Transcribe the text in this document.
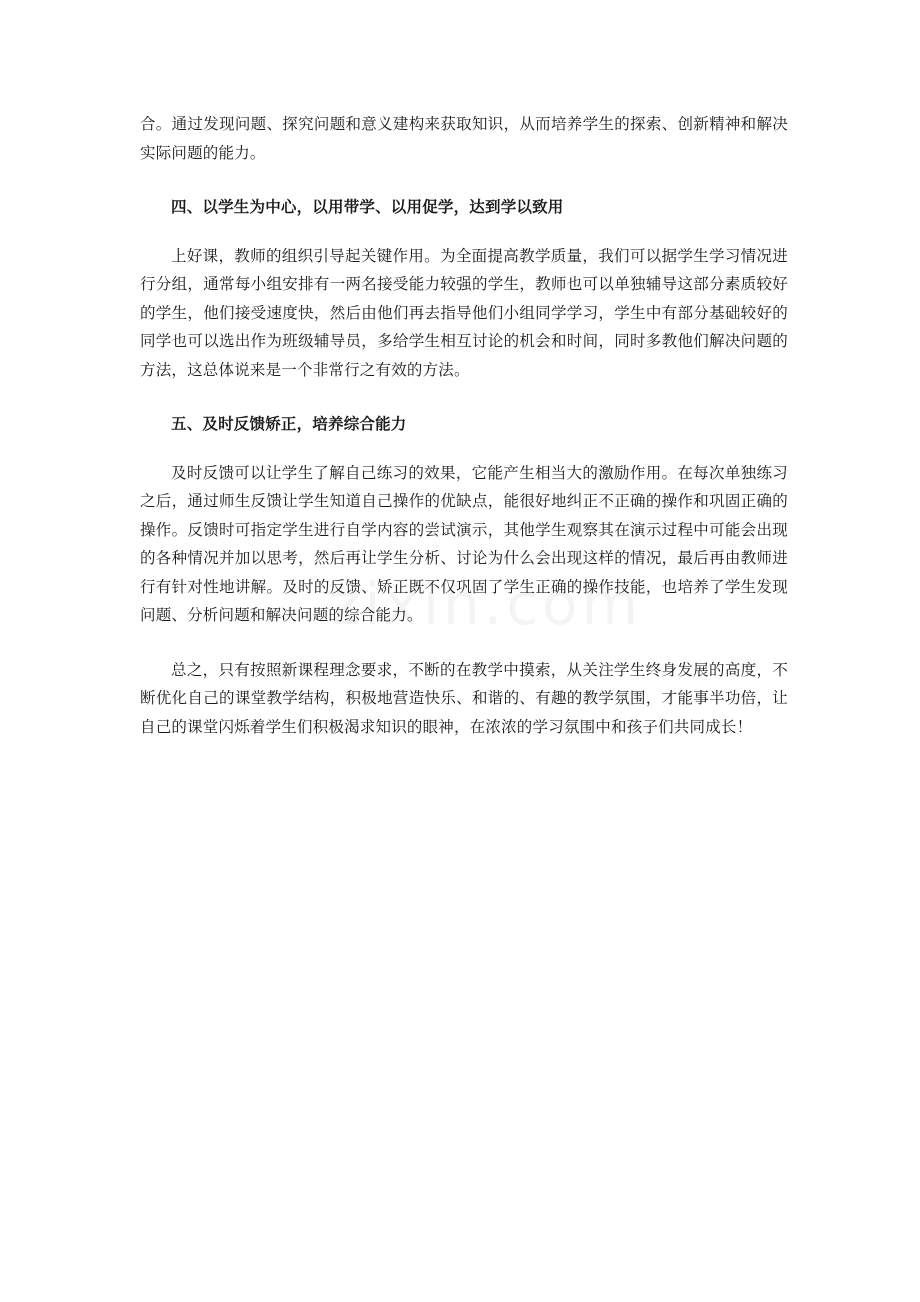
合。通过发现问题、探究问题和意义建构来获取知识，从而培养学生的探索、创新精神和解决实际问题的能力。

四、以学生为中心，以用带学、以用促学，达到学以致用

上好课，教师的组织引导起关键作用。为全面提高教学质量，我们可以据学生学习情况进行分组，通常每小组安排有一两名接受能力较强的学生，教师也可以单独辅导这部分素质较好的学生，他们接受速度快，然后由他们再去指导他们小组同学学习，学生中有部分基础较好的同学也可以选出作为班级辅导员，多给学生相互讨论的机会和时间，同时多教他们解决问题的方法，这总体说来是一个非常行之有效的方法。

五、及时反馈矫正，培养综合能力

及时反馈可以让学生了解自己练习的效果，它能产生相当大的激励作用。在每次单独练习之后，通过师生反馈让学生知道自己操作的优缺点，能很好地纠正不正确的操作和巩固正确的操作。反馈时可指定学生进行自学内容的尝试演示，其他学生观察其在演示过程中可能会出现的各种情况并加以思考，然后再让学生分析、讨论为什么会出现这样的情况，最后再由教师进行有针对性地讲解。及时的反馈、矫正既不仅巩固了学生正确的操作技能，也培养了学生发现问题、分析问题和解决问题的综合能力。

总之，只有按照新课程理念要求，不断的在教学中摸索，从关注学生终身发展的高度，不断优化自己的课堂教学结构，积极地营造快乐、和谐的、有趣的教学氛围，才能事半功倍，让自己的课堂闪烁着学生们积极渴求知识的眼神，在浓浓的学习氛围中和孩子们共同成长！
